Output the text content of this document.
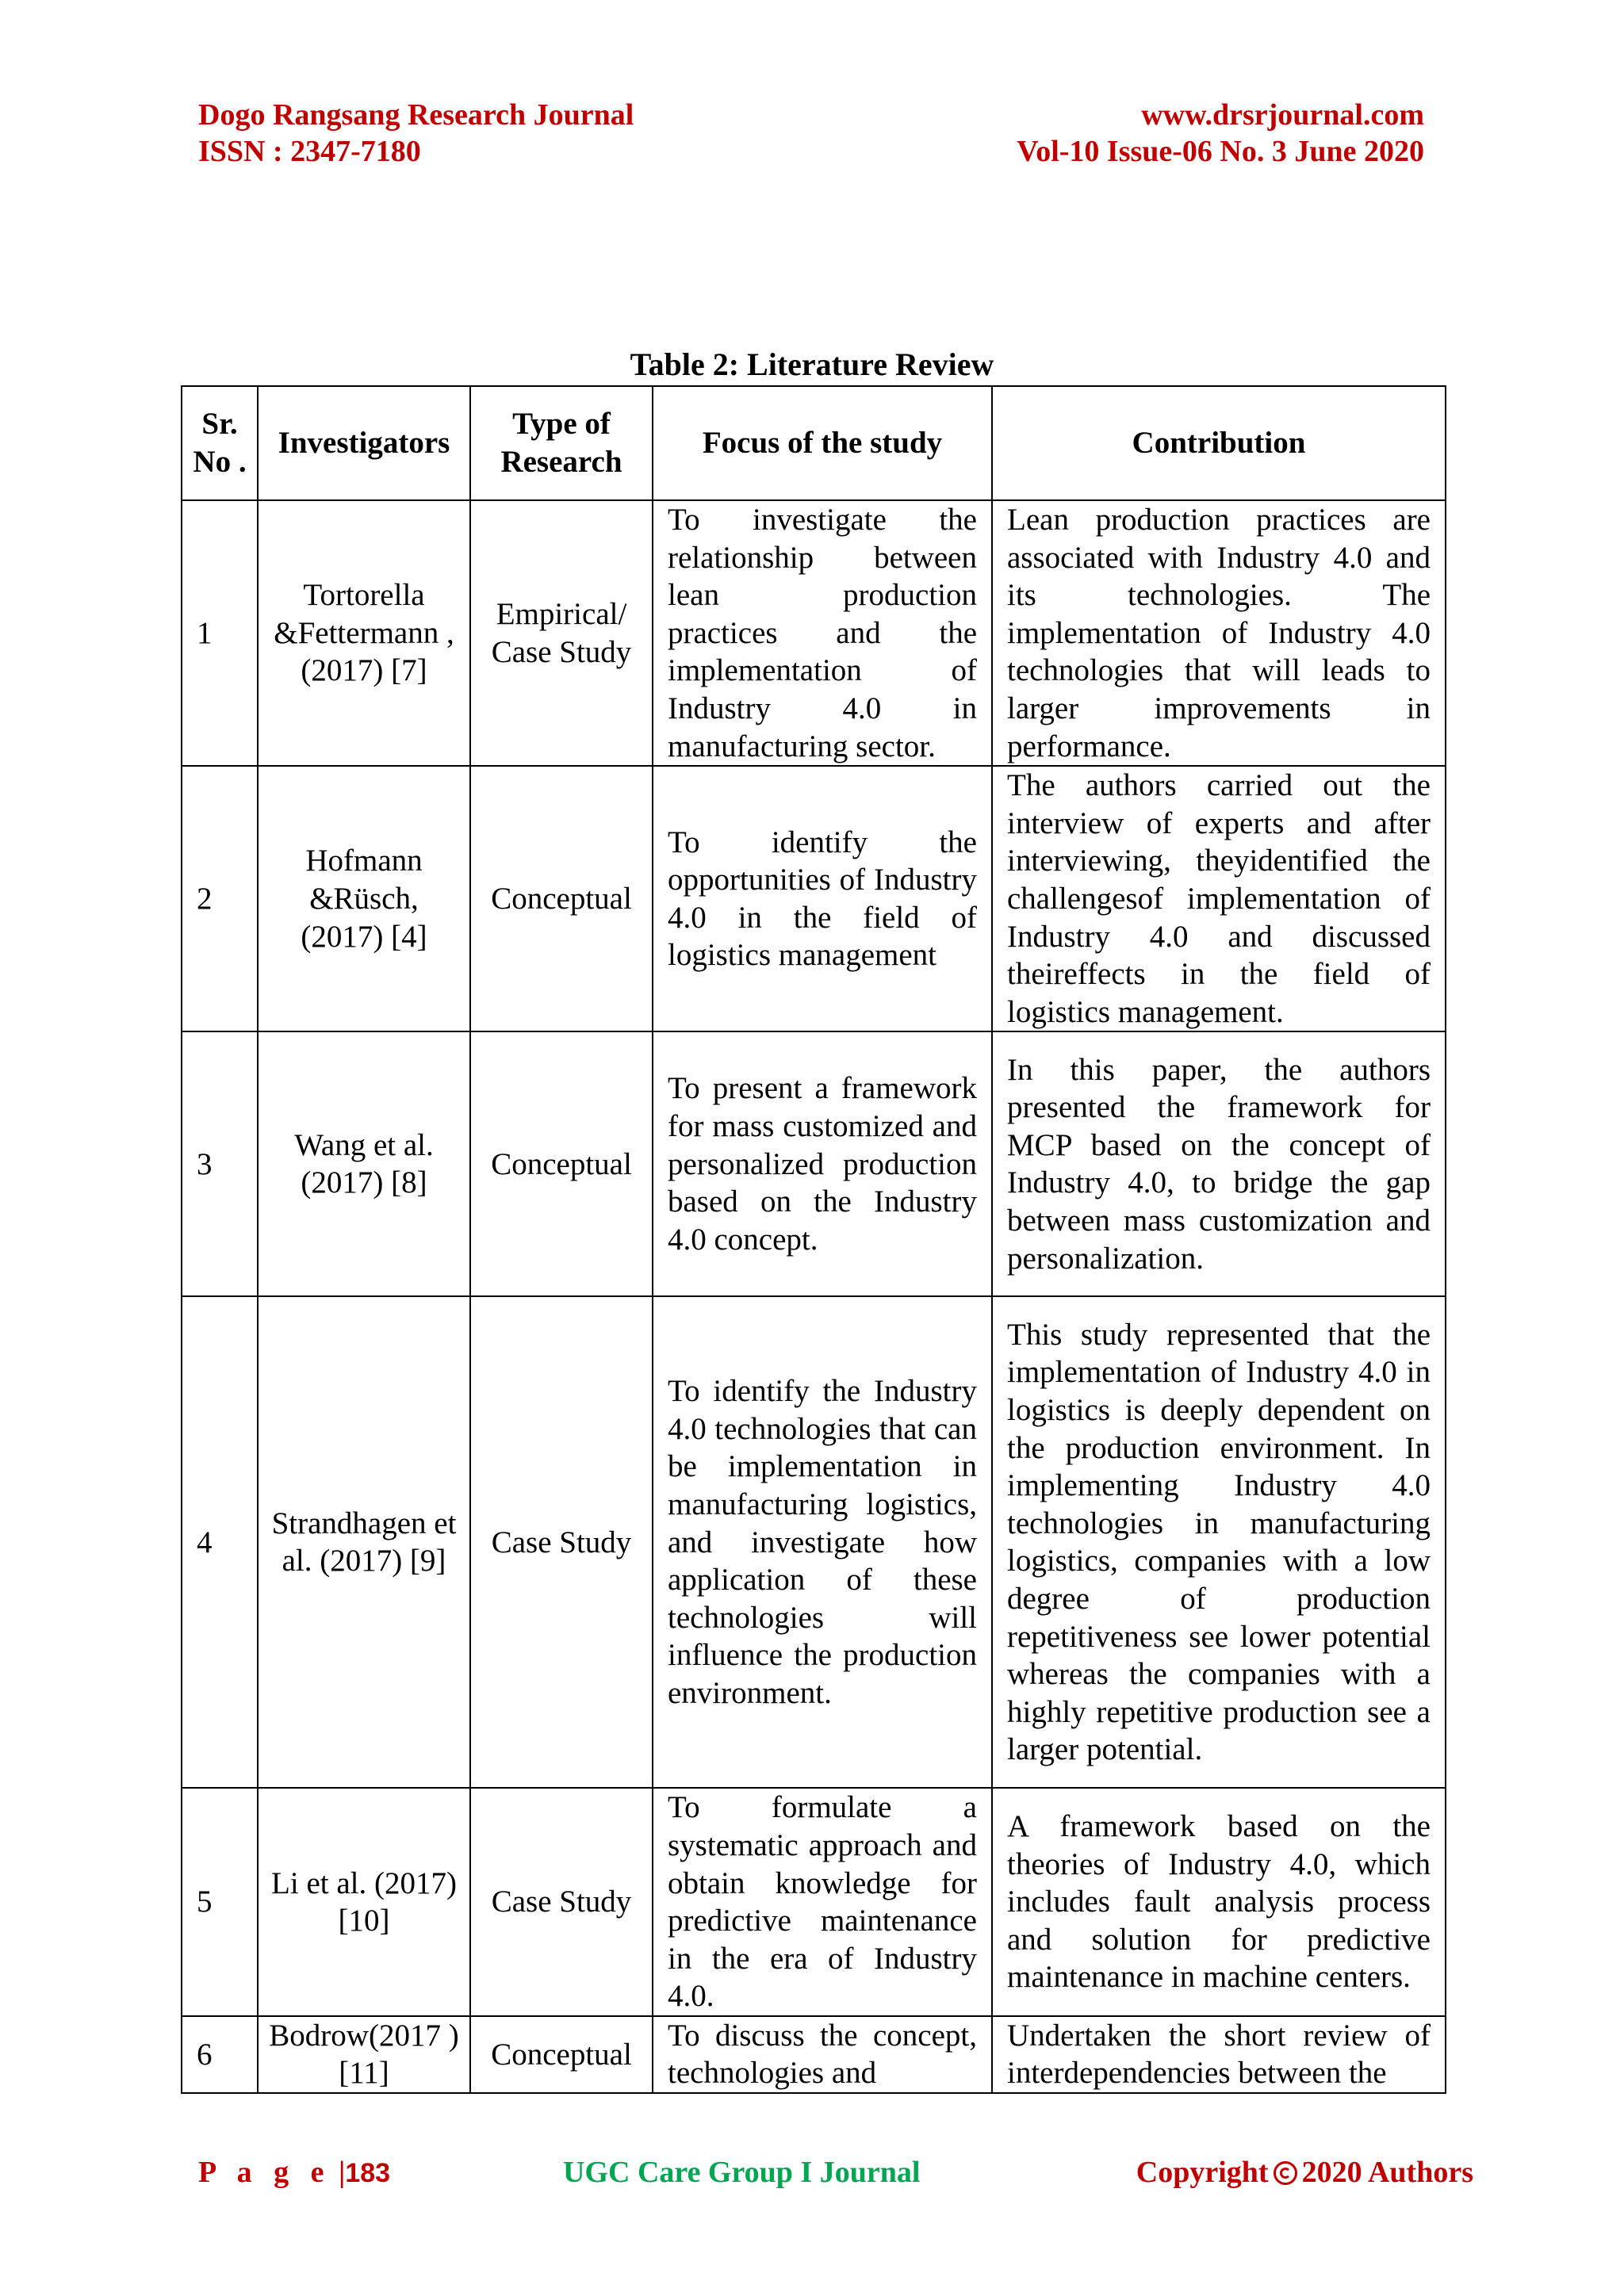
Dogo Rangsang Research Journal
ISSN : 2347-7180
www.drsrjournal.com
Vol-10 Issue-06 No. 3 June 2020
Table 2: Literature Review
Sr. No .	Investigators	Type of Research	Focus of the study	Contribution
1	Tortorella &Fettermann , (2017) [7]	Empirical/ Case Study	To investigate the relationship between lean production practices and the implementation of Industry 4.0 in manufacturing sector.	Lean production practices are associated with Industry 4.0 and its technologies. The implementation of Industry 4.0 technologies that will leads to larger improvements in performance.
2	Hofmann &Rüsch, (2017) [4]	Conceptual	To identify the opportunities of Industry 4.0 in the field of logistics management	The authors carried out the interview of experts and after interviewing, theyidentified the challengesof implementation of Industry 4.0 and discussed theireffects in the field of logistics management.
3	Wang et al. (2017) [8]	Conceptual	To present a framework for mass customized and personalized production based on the Industry 4.0 concept.	In this paper, the authors presented the framework for MCP based on the concept of Industry 4.0, to bridge the gap between mass customization and personalization.
4	Strandhagen et al. (2017) [9]	Case Study	To identify the Industry 4.0 technologies that can be implementation in manufacturing logistics, and investigate how application of these technologies will influence the production environment.	This study represented that the implementation of Industry 4.0 in logistics is deeply dependent on the production environment. In implementing Industry 4.0 technologies in manufacturing logistics, companies with a low degree of production repetitiveness see lower potential whereas the companies with a highly repetitive production see a larger potential.
5	Li et al. (2017) [10]	Case Study	To formulate a systematic approach and obtain knowledge for predictive maintenance in the era of Industry 4.0.	A framework based on the theories of Industry 4.0, which includes fault analysis process and solution for predictive maintenance in machine centers.
6	Bodrow(2017 ) [11]	Conceptual	To discuss the concept, technologies and	Undertaken the short review of interdependencies between the
P a g e |183	UGC Care Group I Journal	Copyright 2020 Authors
